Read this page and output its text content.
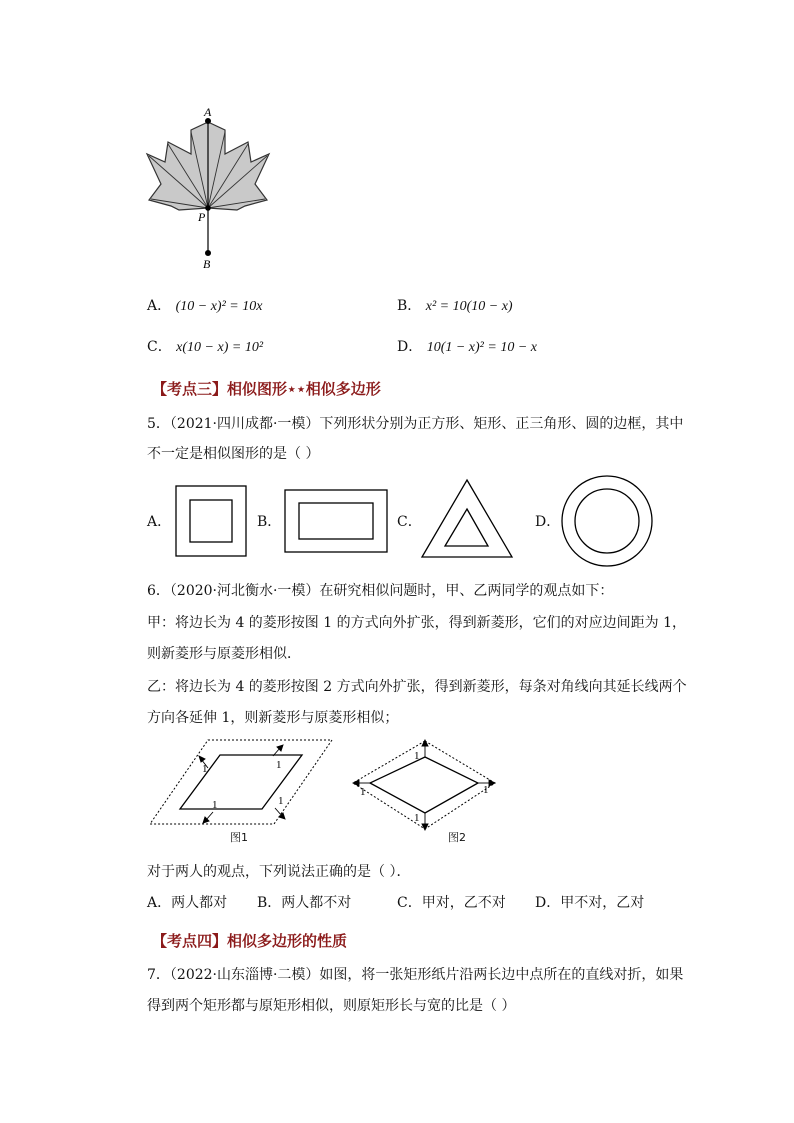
A
P
B
A． (10 − x)² = 10x	B． x² = 10(10 − x)
C． x(10 − x) = 10²	D． 10(1 − x)² = 10 − x
【考点三】相似图形⋆⋆相似多边形
5．（2021·四川成都·一模）下列形状分别为正方形、矩形、正三角形、圆的边框，其中
不一定是相似图形的是（ ）
A．	B．	C．	D．
6．（2020·河北衡水·一模）在研究相似问题时，甲、乙两同学的观点如下：
甲：将边长为 4 的菱形按图 1 的方式向外扩张，得到新菱形，它们的对应边间距为 1，
则新菱形与原菱形相似．
乙：将边长为 4 的菱形按图 2 方式向外扩张，得到新菱形，每条对角线向其延长线两个
方向各延伸 1，则新菱形与原菱形相似；
1	1
1	1
图1
1
1
1	1
图2
对于两人的观点，下列说法正确的是（ ）．
A．两人都对 B．两人都不对	C．甲对，乙不对 D．甲不对，乙对
【考点四】相似多边形的性质
7．（2022·山东淄博·二模）如图，将一张矩形纸片沿两长边中点所在的直线对折，如果
得到两个矩形都与原矩形相似，则原矩形长与宽的比是（ ）
